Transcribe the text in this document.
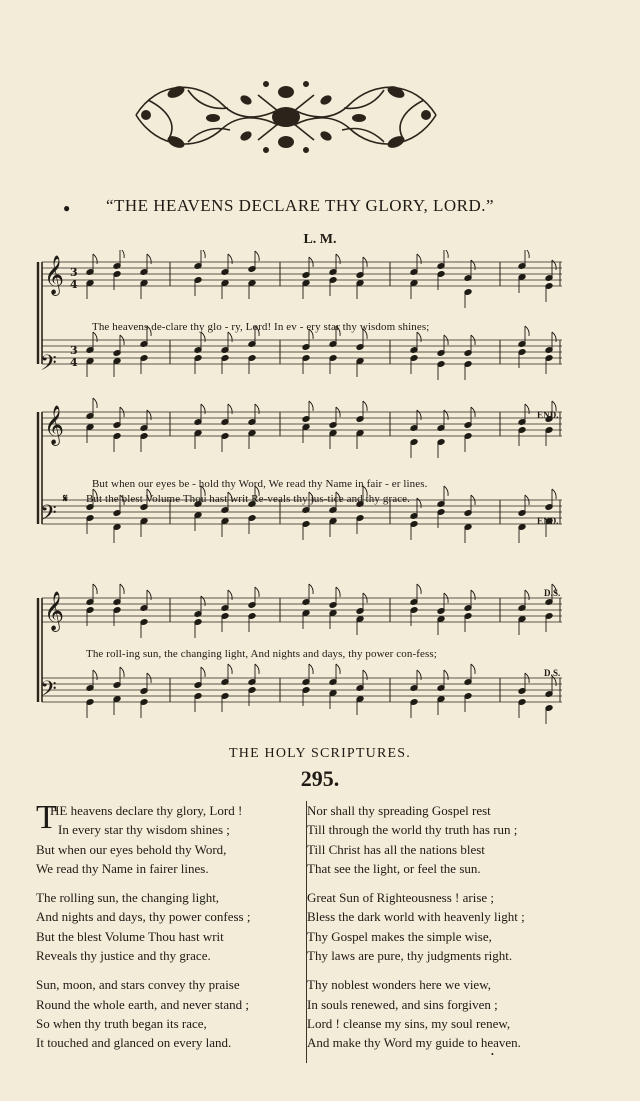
●	“THE HEAVENS DECLARE THY GLORY, LORD.”
L. M.
𝄞
𝄢
𝄞
𝄢
𝄞
𝄢
3
4
3
4
The heavens de-clare thy glo - ry, Lord! In ev - ery star thy wisdom shines;
But when our eyes be - hold thy Word, We read thy Name in fair - er lines.
𝄋 But the blest Volume Thou hast writ Re-veals thy jus-tice and thy grace.
The roll-ing sun, the changing light, And nights and days, thy power con-fess;
END.
END.
D.S.
D.S.
THE HOLY SCRIPTURES.
295.
T
HE heavens declare thy glory, Lord !
In every star thy wisdom shines ;
But when our eyes behold thy Word,
We read thy Name in fairer lines.
The rolling sun, the changing light,
And nights and days, thy power confess ;
But the blest Volume Thou hast writ
Reveals thy justice and thy grace.
Sun, moon, and stars convey thy praise
Round the whole earth, and never stand ;
So when thy truth began its race,
It touched and glanced on every land.
Nor shall thy spreading Gospel rest
Till through the world thy truth has run ;
Till Christ has all the nations blest
That see the light, or feel the sun.
Great Sun of Righteousness ! arise ;
Bless the dark world with heavenly light ;
Thy Gospel makes the simple wise,
Thy laws are pure, thy judgments right.
Thy noblest wonders here we view,
In souls renewed, and sins forgiven ;
Lord ! cleanse my sins, my soul renew,
And make thy Word my guide to heaven.
•
